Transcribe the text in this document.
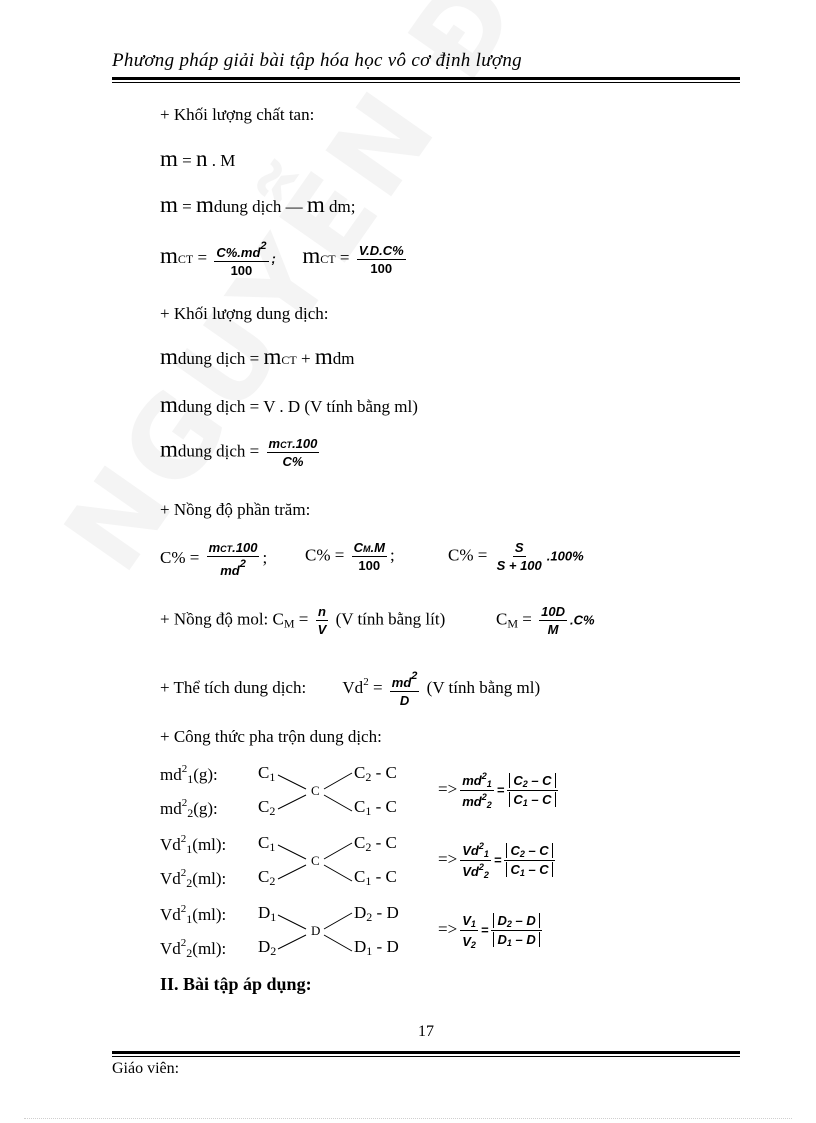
Phương pháp giải bài tập hóa học vô cơ định lượng
+ Khối lượng chất tan:
m = n . M
m = mdung dịch — m dm;
mCT = $\frac{C\%.md^2}{100}$ ; mCT = $\frac{V.D.C\%}{100}$
+ Khối lượng dung dịch:
mdung dịch = mCT + mdm
mdung dịch = V . D (V tính bằng ml)
mdung dịch = $\frac{\text{mCT.100}}{C\%}$
+ Nồng độ phần trăm:
$C\% = \frac{\text{mCT.100}}{md^2}$ ; $C\% = \frac{CM.M}{100}$ ;	$C\% = \frac{S}{S + 100} .100\%$
+ Nồng độ mol: $C_M = \frac{n}{V} (V$ tính bằng lít)	$C_M = \frac{10D}{M} .C\%$
+ Thể tích dung dịch: $Vd^2 = \frac{md^2}{D} (V$ tính bằng ml)
+ Công thức pha trộn dung dịch:
$md^2_1(g)$:
$md^2_2(g)$:
$C_1$
$C_2$
C
$C_2$ - C
$C_1$ - C
=> $\frac{md^21}{md^22} = \frac{C2 - C}{C1 - C}$
$Vd^2_1(ml)$:
$Vd^2_2(ml)$:
$C_1$
$C_2$
C
$C_2$ - C
$C_1$ - C
=> $\frac{Vd^21}{Vd^22} = \frac{C2 - C}{C1 - C}$
$Vd^2_1(ml)$:
$Vd^2_2(ml)$:
$D_1$
$D_2$
D
$D_2$ - D
$D_1$ - D
=> $\frac{V1}{V2} = \frac{D2 - D}{D1 - D}$
II. Bài tập áp dụng:
17
Giáo viên:
